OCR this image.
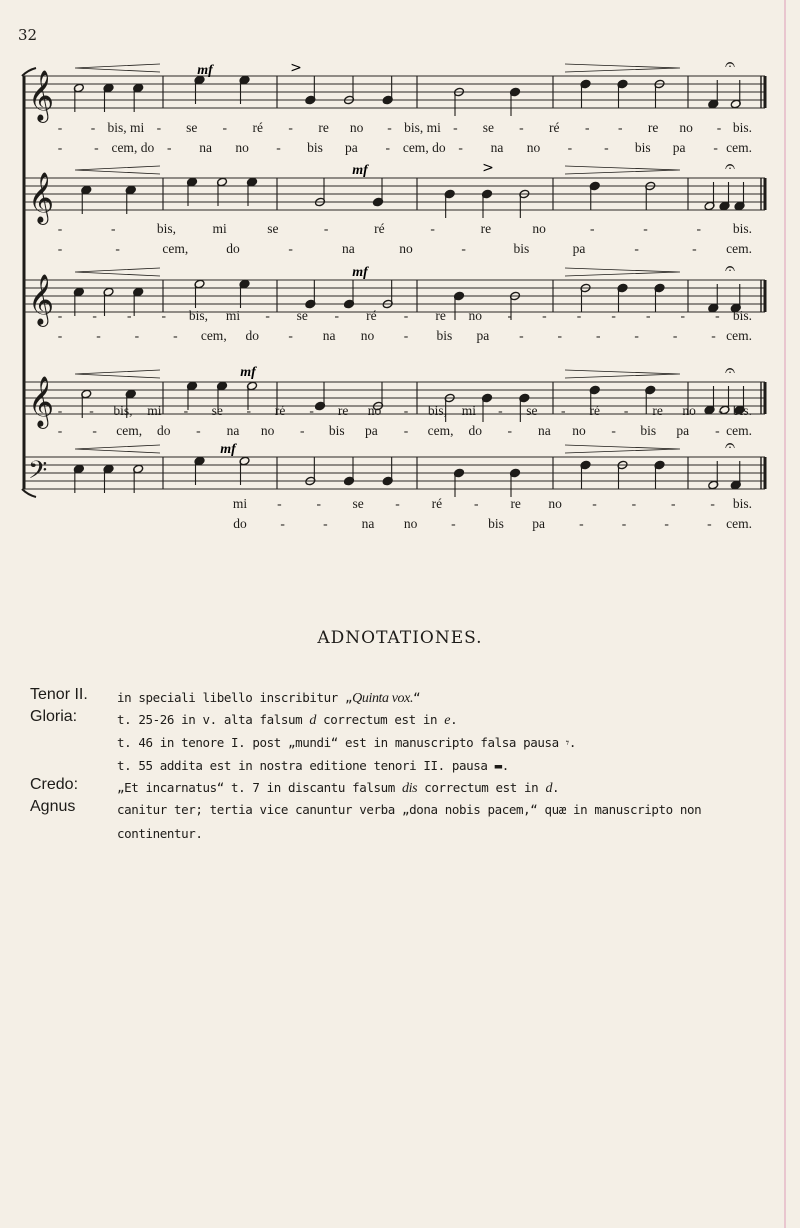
32
𝄞
𝄐
- - bis, mi - se - ré - re no - bis, mi - se - ré - - re no - bis.
- - cem, do - na no - bis pa - cem, do - na no - - bis pa - cem.
𝄞
𝄐
-	-	bis,	mi	se	-	ré	-	re	no	-	-	- bis.
-	-	cem,	do	-	na	no	-	bis	pa	-	- cem.
𝄞
𝄐
- - - - bis, mi - se - ré - re no - - - - - - - bis.
-	-	-	- cem, do - na no - bis pa -	-	-	-	-	- cem.
𝄞
𝄐
- - bis, mi - se - ré - re no - bis, mi - se - ré - re no - bis.
- - cem, do - na no - bis pa - cem, do - na no - bis pa - cem.
𝄢
𝄐
mi -	- se - ré - re no -	-	-	- bis.
do -	-	na no - bis pa	-	-	-	- cem.
mf
mf
mf
mf
mf
>
>
ADNOTATIONES.
Tenor II. in speciali libello inscribitur „Quinta vox.“
Gloria:	t. 25-26 in v. alta falsum d correctum est in e.
t. 46 in tenore I. post „mundi“ est in manuscripto falsa pausa 𝄾.
t. 55 addita est in nostra editione tenori II. pausa ▬.
Credo:	„Et incarnatus“ t. 7 in discantu falsum dis correctum est in d.
Agnus	canitur ter; tertia vice canuntur verba „dona nobis pacem,“ quæ in manuscripto non
continentur.
